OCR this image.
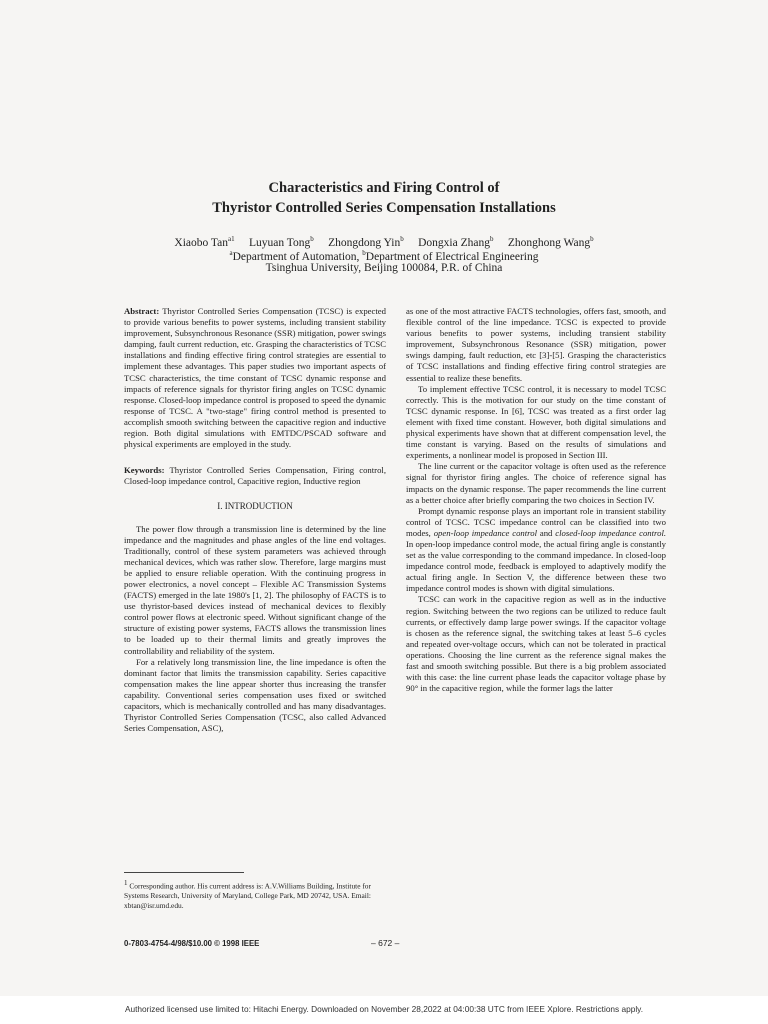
Characteristics and Firing Control of
Thyristor Controlled Series Compensation Installations
Xiaobo Tan$^{a1}$ Luyuan Tong$^b$ Zhongdong Yin$^b$ Dongxia Zhang$^b$ Zhonghong Wang$^b$
$^a$Department of Automation, $^b$Department of Electrical Engineering
Tsinghua University, Beijing 100084, P.R. of China

Abstract: Thyristor Controlled Series Compensation (TCSC) is expected to provide various benefits to power systems, including transient stability improvement, Subsynchronous Resonance (SSR) mitigation, power swings damping, fault current reduction, etc. Grasping the characteristics of TCSC installations and finding effective firing control strategies are essential to implement these advantages. This paper studies two important aspects of TCSC characteristics, the time constant of TCSC dynamic response and impacts of reference signals for thyristor firing angles on TCSC dynamic response. Closed-loop impedance control is proposed to speed the dynamic response of TCSC. A "two-stage" firing control method is presented to accomplish smooth switching between the capacitive region and inductive region. Both digital simulations with EMTDC/PSCAD software and physical experiments are employed in the study.

Keywords: Thyristor Controlled Series Compensation, Firing control, Closed-loop impedance control, Capacitive region, Inductive region

I. INTRODUCTION

The power flow through a transmission line is determined by the line impedance and the magnitudes and phase angles of the line end voltages. Traditionally, control of these system parameters was achieved through mechanical devices, which was rather slow. Therefore, large margins must be applied to ensure reliable operation. With the continuing progress in power electronics, a novel concept – Flexible AC Transmission Systems (FACTS) emerged in the late 1980's [1, 2]. The philosophy of FACTS is to use thyristor-based devices instead of mechanical devices to flexibly control power flows at electronic speed. Without significant change of the structure of existing power systems, FACTS allows the transmission lines to be loaded up to their thermal limits and greatly improves the controllability and reliability of the system.

For a relatively long transmission line, the line impedance is often the dominant factor that limits the transmission capability. Series capacitive compensation makes the line appear shorter thus increasing the transfer capability. Conventional series compensation uses fixed or switched capacitors, which is mechanically controlled and has many disadvantages. Thyristor Controlled Series Compensation (TCSC, also called Advanced Series Compensation, ASC),

as one of the most attractive FACTS technologies, offers fast, smooth, and flexible control of the line impedance. TCSC is expected to provide various benefits to power systems, including transient stability improvement, Subsynchronous Resonance (SSR) mitigation, power swings damping, fault reduction, etc [3]-[5]. Grasping the characteristics of TCSC installations and finding effective firing control strategies are essential to realize these benefits.

To implement effective TCSC control, it is necessary to model TCSC correctly. This is the motivation for our study on the time constant of TCSC dynamic response. In [6], TCSC was treated as a first order lag element with fixed time constant. However, both digital simulations and physical experiments have shown that at different compensation level, the time constant is varying. Based on the results of simulations and experiments, a nonlinear model is proposed in Section III.

The line current or the capacitor voltage is often used as the reference signal for thyristor firing angles. The choice of reference signal has impacts on the dynamic response. The paper recommends the line current as a better choice after briefly comparing the two choices in Section IV.

Prompt dynamic response plays an important role in transient stability control of TCSC. TCSC impedance control can be classified into two modes, open-loop impedance control and closed-loop impedance control. In open-loop impedance control mode, the actual firing angle is constantly set as the value corresponding to the command impedance. In closed-loop impedance control mode, feedback is employed to adaptively modify the actual firing angle. In Section V, the difference between these two impedance control modes is shown with digital simulations.

TCSC can work in the capacitive region as well as in the inductive region. Switching between the two regions can be utilized to reduce fault currents, or effectively damp large power swings. If the capacitor voltage is chosen as the reference signal, the switching takes at least 5–6 cycles and repeated over-voltage occurs, which can not be tolerated in practical operations. Choosing the line current as the reference signal makes the fast and smooth switching possible. But there is a big problem associated with this case: the line current phase leads the capacitor voltage phase by 90° in the capacitive region, while the former lags the latter

$^1$ Corresponding author. His current address is: A.V.Williams Building, Institute for Systems Research, University of Maryland, College Park, MD 20742, USA. Email: xbtan@isr.umd.edu.
0-7803-4754-4/98/$10.00 © 1998 IEEE	– 672 –
Authorized licensed use limited to: Hitachi Energy. Downloaded on November 28,2022 at 04:00:38 UTC from IEEE Xplore. Restrictions apply.
